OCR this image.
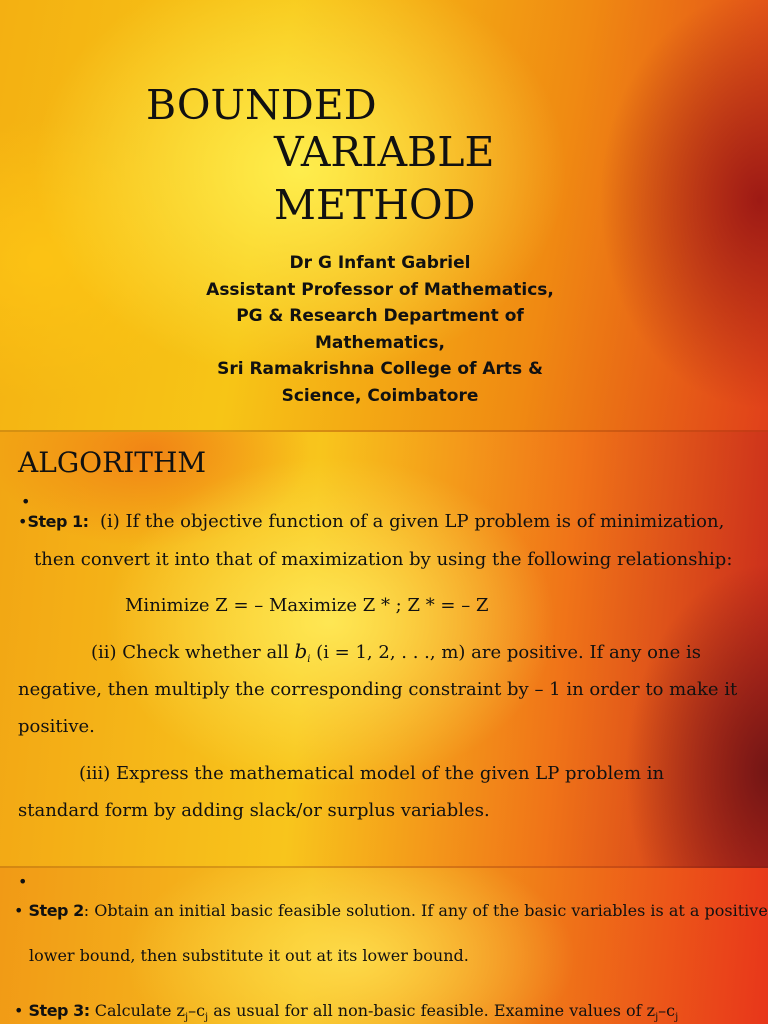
BOUNDED
VARIABLE
METHOD
Dr G Infant Gabriel
Assistant Professor of Mathematics,
PG & Research Department of
Mathematics,
Sri Ramakrishna College of Arts &
Science, Coimbatore
ALGORITHM
•
•Step 1: (i) If the objective function of a given LP problem is of minimization,
then convert it into that of maximization by using the following relationship:
Minimize Z = – Maximize Z * ; Z * = – Z
(ii) Check whether all $b_i$ (i = 1, 2, . . ., m) are positive. If any one is
negative, then multiply the corresponding constraint by – 1 in order to make it
positive.
(iii) Express the mathematical model of the given LP problem in
standard form by adding slack/or surplus variables.
•
• Step 2: Obtain an initial basic feasible solution. If any of the basic variables is at a positive
lower bound, then substitute it out at its lower bound.
• Step 3: Calculate $z_j-c_j$ as usual for all non-basic feasible. Examine values of $z_j-c_j$
